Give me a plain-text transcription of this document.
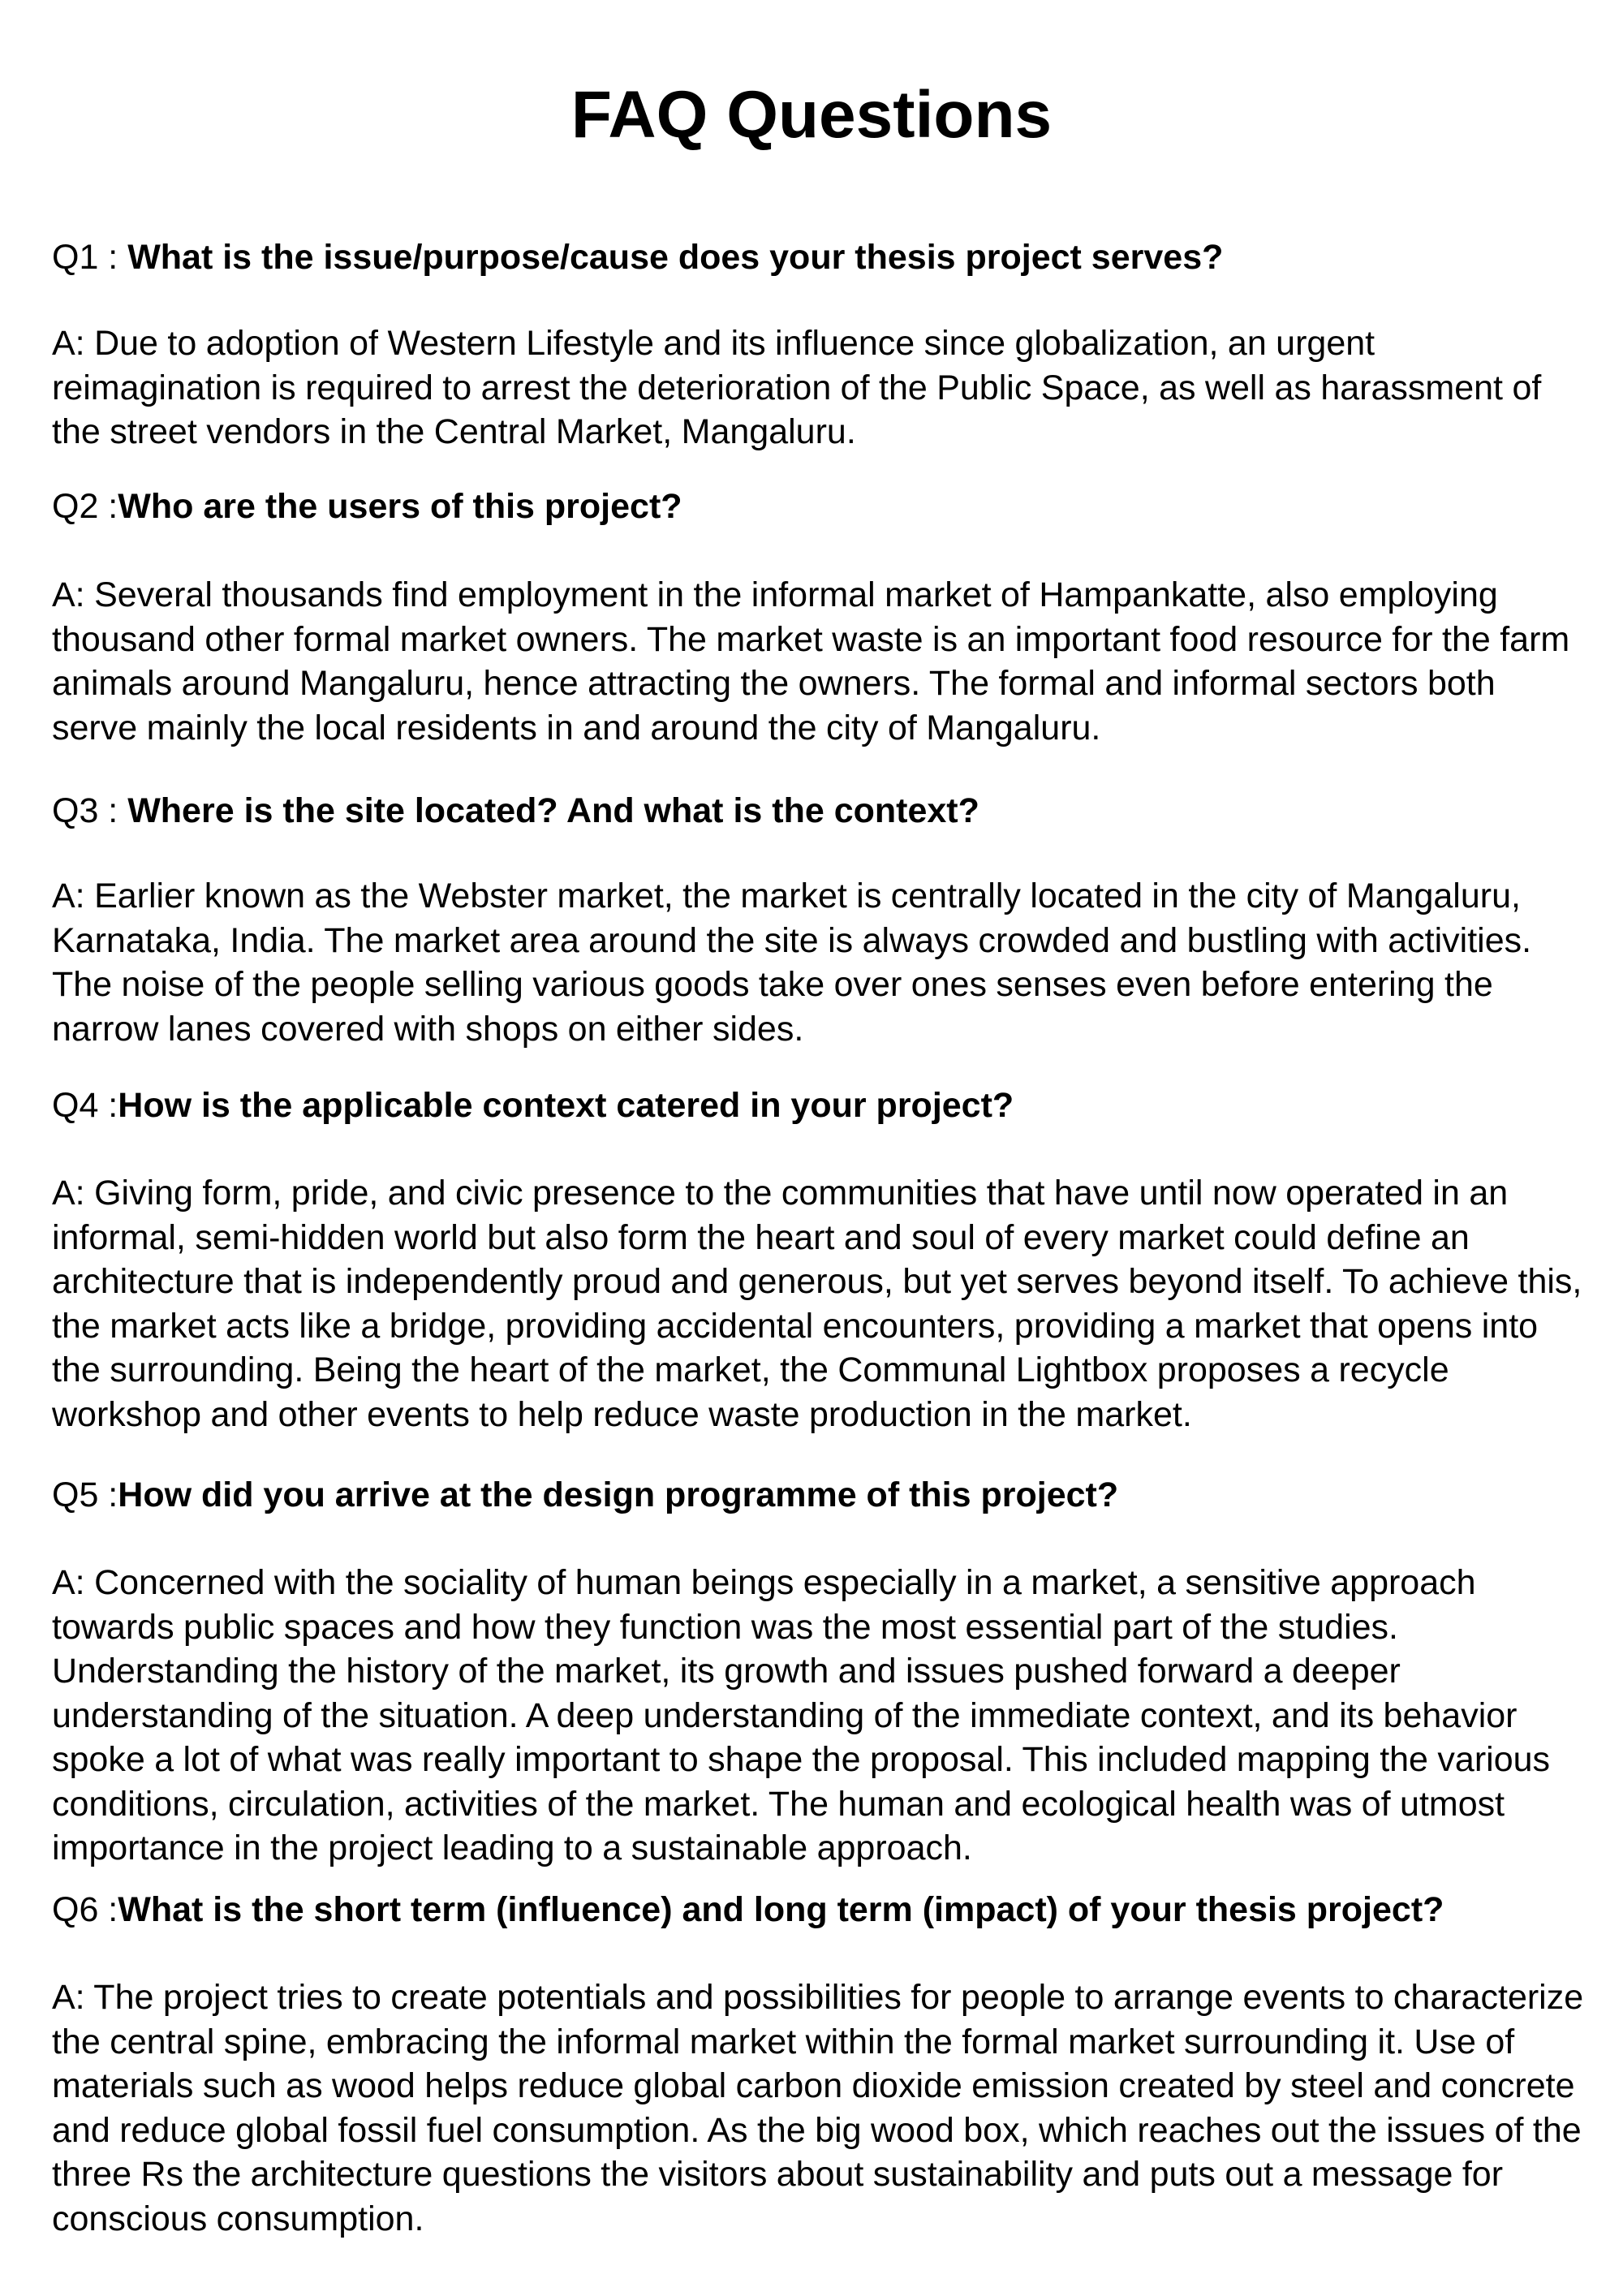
FAQ Questions

Q1 : What is the issue/purpose/cause does your thesis project serves?

A: Due to adoption of Western Lifestyle and its influence since globalization, an urgent reimagination is required to arrest the deterioration of the Public Space, as well as harassment of the street vendors in the Central Market, Mangaluru.

Q2 :Who are the users of this project?

A: Several thousands find employment in the informal market of Hampankatte, also employing thousand other formal market owners. The market waste is an important food resource for the farm animals around Mangaluru, hence attracting the owners. The formal and informal sectors both serve mainly the local residents in and around the city of Mangaluru.

Q3 : Where is the site located? And what is the context?

A: Earlier known as the Webster market, the market is centrally located in the city of Mangaluru, Karnataka, India. The market area around the site is always crowded and bustling with activities. The noise of the people selling various goods take over ones senses even before entering the narrow lanes covered with shops on either sides.

Q4 :How is the applicable context catered in your project?

A: Giving form, pride, and civic presence to the communities that have until now operated in an informal, semi-hidden world but also form the heart and soul of every market could define an architecture that is independently proud and generous, but yet serves beyond itself. To achieve this, the market acts like a bridge, providing accidental encounters, providing a market that opens into the surrounding. Being the heart of the market, the Communal Lightbox proposes a recycle workshop and other events to help reduce waste production in the market.

Q5 :How did you arrive at the design programme of this project?

A: Concerned with the sociality of human beings especially in a market, a sensitive approach towards public spaces and how they function was the most essential part of the studies. Understanding the history of the market, its growth and issues pushed forward a deeper understanding of the situation. A deep understanding of the immediate context, and its behavior spoke a lot of what was really important to shape the proposal. This included mapping the various conditions, circulation, activities of the market. The human and ecological health was of utmost importance in the project leading to a sustainable approach.

Q6 :What is the short term (influence) and long term (impact) of your thesis project?

A: The project tries to create potentials and possibilities for people to arrange events to characterize the central spine, embracing the informal market within the formal market surrounding it. Use of materials such as wood helps reduce global carbon dioxide emission created by steel and concrete and reduce global fossil fuel consumption. As the big wood box, which reaches out the issues of the three Rs the architecture questions the visitors about sustainability and puts out a message for conscious consumption.
